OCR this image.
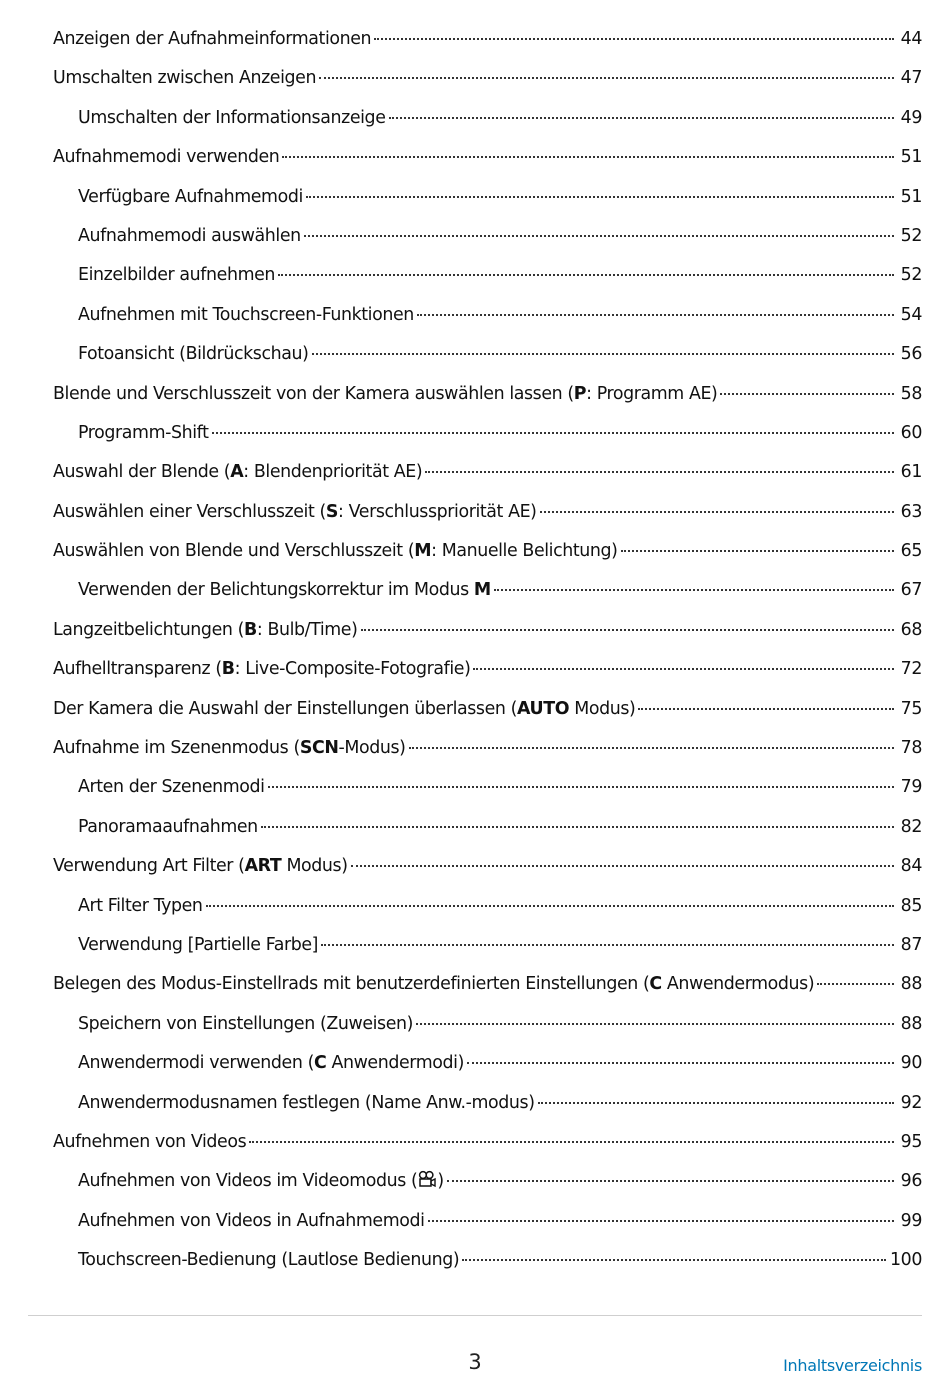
Anzeigen der Aufnahmeinformationen	44
Umschalten zwischen Anzeigen	47
Umschalten der Informationsanzeige	49
Aufnahmemodi verwenden	51
Verfügbare Aufnahmemodi	51
Aufnahmemodi auswählen	52
Einzelbilder aufnehmen	52
Aufnehmen mit Touchscreen-Funktionen	54
Fotoansicht (Bildrückschau)	56
Blende und Verschlusszeit von der Kamera auswählen lassen (P: Programm AE)	58
Programm-Shift	60
Auswahl der Blende (A: Blendenpriorität AE)	61
Auswählen einer Verschlusszeit (S: Verschlusspriorität AE)	63
Auswählen von Blende und Verschlusszeit (M: Manuelle Belichtung)	65
Verwenden der Belichtungskorrektur im Modus M	67
Langzeitbelichtungen (B: Bulb/Time)	68
Aufhelltransparenz (B: Live-Composite-Fotografie)	72
Der Kamera die Auswahl der Einstellungen überlassen (AUTO Modus)	75
Aufnahme im Szenenmodus (SCN-Modus)	78
Arten der Szenenmodi	79
Panoramaaufnahmen	82
Verwendung Art Filter (ART Modus)	84
Art Filter Typen	85
Verwendung [Partielle Farbe]	87
Belegen des Modus-Einstellrads mit benutzerdefinierten Einstellungen (C Anwendermodus)	88
Speichern von Einstellungen (Zuweisen)	88
Anwendermodi verwenden (C Anwendermodi)	90
Anwendermodusnamen festlegen (Name Anw.-modus)	92
Aufnehmen von Videos	95
Aufnehmen von Videos im Videomodus ( )	96
Aufnehmen von Videos in Aufnahmemodi	99
Touchscreen-Bedienung (Lautlose Bedienung)	100
3	Inhaltsverzeichnis
